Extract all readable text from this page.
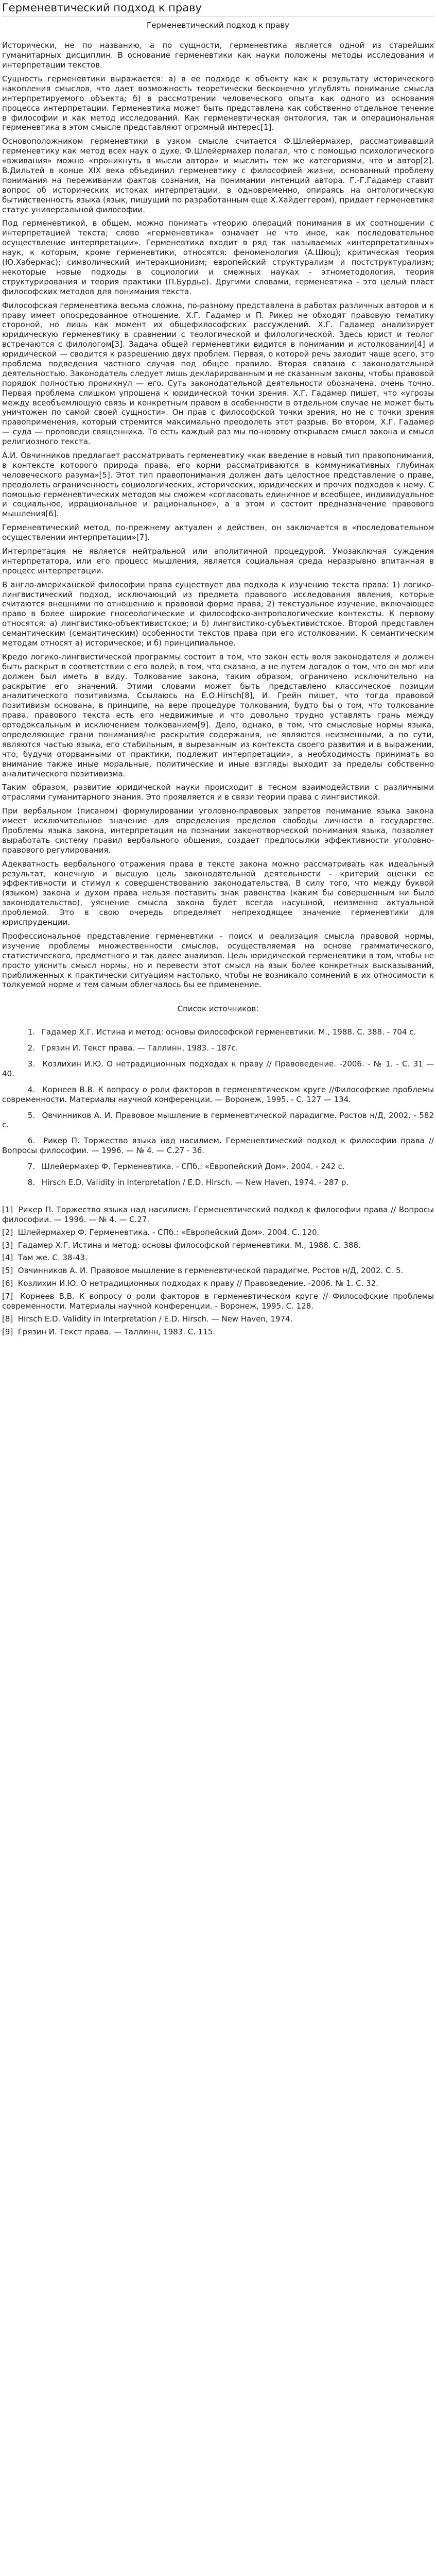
Герменевтический подход к праву
Герменевтический подход к праву

Исторически, не по названию, а по сущности, герменевтика является одной из старейших гуманитарных дисциплин. В основание герменевтики как науки положены методы исследования и интерпретации текстов.

Сущность герменевтики выражается: а) в ее подходе к объекту как к результату исторического накопления смыслов, что дает возможность теоретически бесконечно углублять понимание смысла интерпретируемого объекта; б) в рассмотрении человеческого опыта как одного из основания процесса интерпретации. Герменевтика может быть представлена как собственно отдельное течение в философии и как метод исследований. Как герменевтическая онтология, так и операциональная герменевтика в этом смысле представляют огромный интерес[1].

Основоположником герменевтики в узком смысле считается Ф.Шлейермахер, рассматривавший герменевтику как метод всех наук о духе. Ф.Шлейермахер полагал, что с помощью психологического «вживания» можно «проникнуть в мысли автора» и мыслить тем же категориями, что и автор[2]. В.Дильтей в конце XIX века объединил герменевтику с философией жизни, основанный проблему понимания на переживании фактов сознания, на понимании интенций автора. Г.-Г.Гадамер ставит вопрос об исторических истоках интерпретации, в одновременно, опираясь на онтологическую бытийственность языка (язык, пишущий по разработанным еще Х.Хайдеггером), придает герменевтике статус универсальной философии.

Под герменевтикой, в общем, можно понимать «теорию операций понимания в их соотношении с интерпретацией текста; слово «герменевтика» означает не что иное, как последовательное осуществление интерпретации». Герменевтика входит в ряд так называемых «интерпретативных» наук, к которым, кроме герменевтики, относятся: феноменология (А.Шюц); критическая теория (Ю.Хабермас); символический интеракционизм; европейский структурализм и постструктурализм; некоторые новые подходы в социологии и смежных науках - этнометодология, теория структурирования и теория практики (П.Бурдье). Другими словами, герменевтика - это целый пласт философских методов для понимания текста.

Философская герменевтика весьма сложна, по-разному представлена в работах различных авторов и к праву имеет опосредованное отношение. Х.Г. Гадамер и П. Рикер не обходят правовую тематику стороной, но лишь как момент их общефилософских рассуждений. Х.Г. Гадамер анализирует юридическую герменевтику в сравнении с теологической и филологической. Здесь юрист и теолог встречаются с филологом[3]. Задача общей герменевтики видится в понимании и истолковании[4] и юридической — сводится к разрешению двух проблем. Первая, о которой речь заходит чаще всего, это проблема подведения частного случая под общее правило. Вторая связана с законодательной деятельностью. Законодатель следует лишь декларированным и не сказанным законы, чтобы правовой порядок полностью проникнул — его. Суть законодательной деятельности обозначена, очень точно. Первая проблема слишком упрощена к юридической точки зрения. Х.Г. Гадамер пишет, что «угрозы между всеобъемлющую связь и конкретным правом в особенности в отдельном случае не может быть уничтожен по самой своей сущности». Он прав с философской точки зрения, но не с точки зрения правоприменения, который стремится максимально преодолеть этот разрыв. Во втором, Х.Г. Гадамер — суда — проповеди священника. То есть каждый раз мы по-новому открываем смысл закона и смысл религиозного текста.

А.И. Овчинников предлагает рассматривать герменевтику «как введение в новый тип правопонимания, в контексте которого природа права, его корни рассматриваются в коммуникативных глубинах человеческого разума»[5]. Этот тип правопонимания должен дать целостное представление о праве, преодолеть ограниченность социологических, исторических, юридических и прочих подходов к нему. С помощью герменевтических методов мы сможем «согласовать единичное и всеобщее, индивидуальное и социальное, иррациональное и рациональное», а в этом и состоит предназначение правового мышления[6].

Герменевтический метод, по-прежнему актуален и действен, он заключается в «последовательном осуществлении интерпретации»[7].

Интерпретация не является нейтральной или аполитичной процедурой. Умозаключая суждения интерпретатора, или его процесс мышления, является социальная среда неразрывно впитанная в процесс интерпретации.

В англо-американской философии права существует два подхода к изучению текста права: 1) логико-лингвистический подход, исключающий из предмета правового исследования явления, которые считаются внешними по отношению к правовой форме права; 2) текстуальное изучение, включающее право в более широкие гносеологические и философско-антропологические контексты. К первому относятся: а) лингвистико-объективистское; и б) лингвистико-субъективистское. Второй представлен семантическим (семантическим) особенности текстов права при его истолковании. К семантическим методам относят а) историческое; и б) принципиальное.

Кредо логико-лингвистической программы состоит в том, что закон есть воля законодателя и должен быть раскрыт в соответствии с его волей, в том, что сказано, а не путем догадок о том, что он мог или должен был иметь в виду. Толкование закона, таким образом, ограничено исключительно на раскрытие его значений. Этими словами может быть представлено классическое позиции аналитического позитивизма. Ссылаюсь на Е.О.Hirsch[8], И. Грейн пишет, что тогда правовой позитивизм основана, в принципе, на вере процедуре толкования, будто бы о том, что толкование права, правового текста есть его недвижимые и что довольно трудно уставлять грань между ортодоксальным и исключением толкованием[9]. Дело, однако, в том, что смысловые нормы языка, определяющие грани понимания/не раскрытия содержания, не являются неизменными, а по сути, являются частью языка, его стабильным, в вырезанным из контекста своего развития и в выражении, что, будучи оторванными от практики, подлежит интерпретации», а необходимость принимать во внимание также иные моральные, политические и иные взгляды выходит за пределы собственно аналитического позитивизма.

Таким образом, развитие юридической науки происходит в тесном взаимодействии с различными отраслями гуманитарного знания. Это проявляется и в связи теории права с лингвистикой.

При вербальном (писаном) формулировании уголовно-правовых запретов понимание языка закона имеет исключительное значение для определения пределов свободы личности в государстве. Проблемы языка закона, интерпретация на познании законотворческой понимания языка, позволяет выработать систему правил вербального общения, создает предпосылки эффективности уголовно-правового регулирования.

Адекватность вербального отражения права в тексте закона можно рассматривать как идеальный результат, конечную и высшую цель законодательной деятельности - критерий оценки ее эффективности и стимул к совершенствованию законодательства. В силу того, что между буквой (языком) закона и духом права нельзя поставить знак равенства (каким бы совершенным ни было законодательство), уяснение смысла закона будет всегда насущной, неизменно актуальной проблемой. Это в свою очередь определяет непреходящее значение герменевтики для юриспруденции.

Профессиональное представление герменевтики - поиск и реализация смысла правовой нормы, изучение проблемы множественности смыслов, осуществляемая на основе грамматического, статистического, предметного и так далее анализов. Цель юридической герменевтики в том, чтобы не просто уяснить смысл нормы, но и перевести этот смысл на язык более конкретных высказываний, приближенных к практически ситуациям настолько, чтобы не возникало сомнений в их относимости к толкуемой норме и тем самым облегчалось бы ее применение.

Список источников:
1. Гадамер Х.Г. Истина и метод: основы философской герменевтики. М., 1988. С. 388. - 704 с.
2. Грязин И. Текст права. — Таллинн, 1983. - 187с.
3. Козлихин И.Ю. О нетрадиционных подходах к праву // Правоведение. -2006. - № 1. - С. 31 — 40.
4. Корнеев В.В. К вопросу о роли факторов в герменевтическом кругe //Философские проблемы современности. Материалы научной конференции. — Воронеж, 1995. - С. 127 — 134.
5. Овчинников А. И. Правовое мышление в герменевтической парадигме. Ростов н/Д, 2002. - 582 с.
6. Рикер П. Торжество языка над насилием. Герменевтический подход к философии права // Вопросы философии. — 1996. — № 4. — С.27 - 36.
7. Шлейермахер Ф. Герменевтика. - СПб.: «Европейский Дом». 2004. - 242 с.
8. Hirsch E.D. Validity in Interpretation / E.D. Hirsch. — New Haven, 1974. - 287 p.
[1] Рикер П. Торжество языка над насилием. Герменевтический подход к философии права // Вопросы философии. — 1996. — № 4. — С.27.
[2] Шлейермахер Ф. Герменевтика. - СПб.: «Европейский Дом». 2004. С. 120.
[3] Гадамер Х.Г. Истина и метод: основы философской герменевтики. М., 1988. С. 388.
[4] Там же. С. 38-43.
[5] Овчинников А. И. Правовое мышление в герменевтической парадигме. Ростов н/Д, 2002. С. 5.
[6] Козлихин И.Ю. О нетрадиционных подходах к праву // Правоведение. -2006. № 1. С. 32.
[7] Корнеев В.В. К вопросу о роли факторов в герменевтическом кругe // Философские проблемы современности. Материалы научной конференции. - Воронеж, 1995. С. 128.
[8] Hirsch E.D. Validity in Interpretation / E.D. Hirsch. — New Haven, 1974.
[9] Грязин И. Текст права. — Таллинн, 1983. С. 115.
